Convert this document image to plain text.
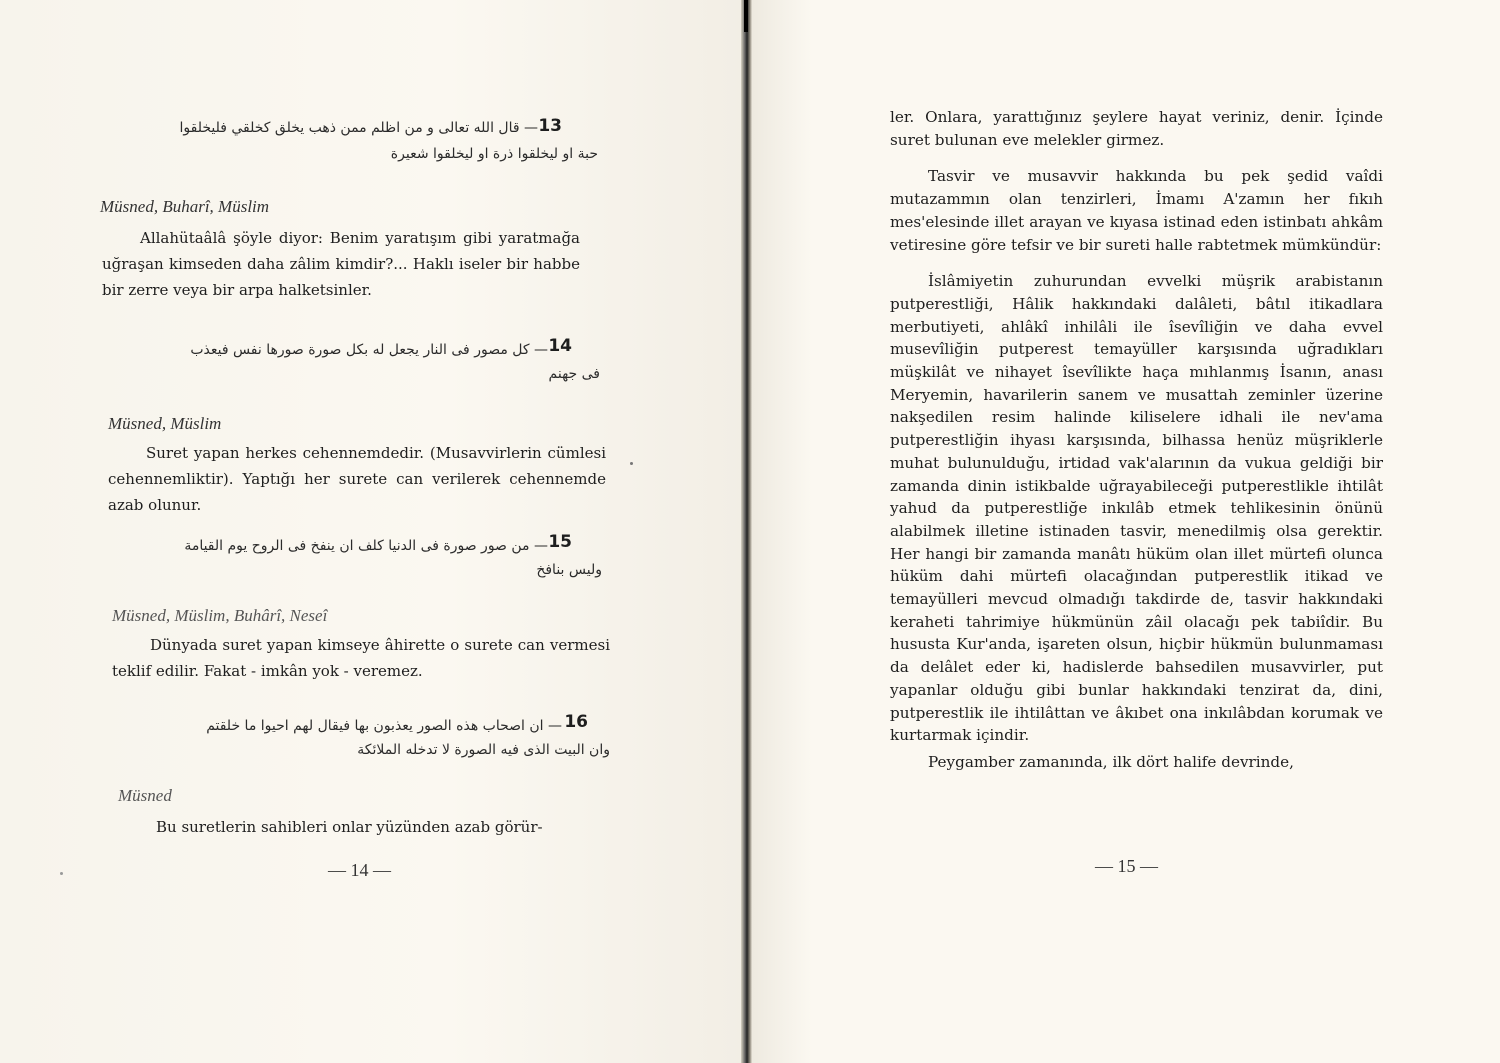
13
— قال الله تعالى و من اظلم ممن ذهب يخلق كخلقي فليخلقوا
حبة او ليخلقوا ذرة او ليخلقوا شعيرة
Müsned, Buharî, Müslim
Allahütaâlâ şöyle diyor: Benim yaratışım gibi yaratmağa uğraşan kimseden daha zâlim kimdir?... Haklı iseler bir habbe bir zerre veya bir arpa halketsinler.
14
— كل مصور فى النار يجعل له بكل صورة صورها نفس فيعذب
فى جهنم
Müsned, Müslim
Suret yapan herkes cehennemdedir. (Musavvirlerin cümlesi cehennemliktir). Yaptığı her surete can verilerek cehennemde azab olunur.
15
— من صور صورة فى الدنيا كلف ان ينفخ فى الروح يوم القيامة
وليس بنافخ
Müsned, Müslim, Buhârî, Neseî
Dünyada suret yapan kimseye âhirette o surete can vermesi teklif edilir. Fakat - imkân yok - veremez.
16
— ان اصحاب هذه الصور يعذبون بها فيقال لهم احيوا ما خلقتم
وان البيت الذى فيه الصورة لا تدخله الملائكة
Müsned
Bu suretlerin sahibleri onlar yüzünden azab görür-
— 14 —
ler. Onlara, yarattığınız şeylere hayat veriniz, denir. İçinde suret bulunan eve melekler girmez.
Tasvir ve musavvir hakkında bu pek şedid vaîdi mutazammın olan tenzirleri, İmamı A'zamın her fıkıh mes'elesinde illet arayan ve kıyasa istinad eden istinbatı ahkâm vetiresine göre tefsir ve bir sureti halle rabtetmek mümkündür:
İslâmiyetin zuhurundan evvelki müşrik arabistanın putperestliği, Hâlik hakkındaki dalâleti, bâtıl itikadlara merbutiyeti, ahlâkî inhilâli ile îsevîliğin ve daha evvel musevîliğin putperest temayüller karşısında uğradıkları müşkilât ve nihayet îsevîlikte haça mıhlanmış İsanın, anası Meryemin, havarilerin sanem ve musattah zeminler üzerine nakşedilen resim halinde kiliselere idhali ile nev'ama putperestliğin ihyası karşısında, bilhassa henüz müşriklerle muhat bulunulduğu, irtidad vak'alarının da vukua geldiği bir zamanda dinin istikbalde uğrayabileceği putperestlikle ihtilât yahud da putperestliğe inkılâb etmek tehlikesinin önünü alabilmek illetine istinaden tasvir, menedilmiş olsa gerektir. Her hangi bir zamanda manâtı hüküm olan illet mürtefi olunca hüküm dahi mürtefi olacağından putperestlik itikad ve temayülleri mevcud olmadığı takdirde de, tasvir hakkındaki keraheti tahrimiye hükmünün zâil olacağı pek tabiîdir. Bu hususta Kur'anda, işareten olsun, hiçbir hükmün bulunmaması da delâlet eder ki, hadislerde bahsedilen musavvirler, put yapanlar olduğu gibi bunlar hakkındaki tenzirat da, dini, putperestlik ile ihtilâttan ve âkıbet ona inkılâbdan korumak ve kurtarmak içindir.
Peygamber zamanında, ilk dört halife devrinde,
— 15 —
